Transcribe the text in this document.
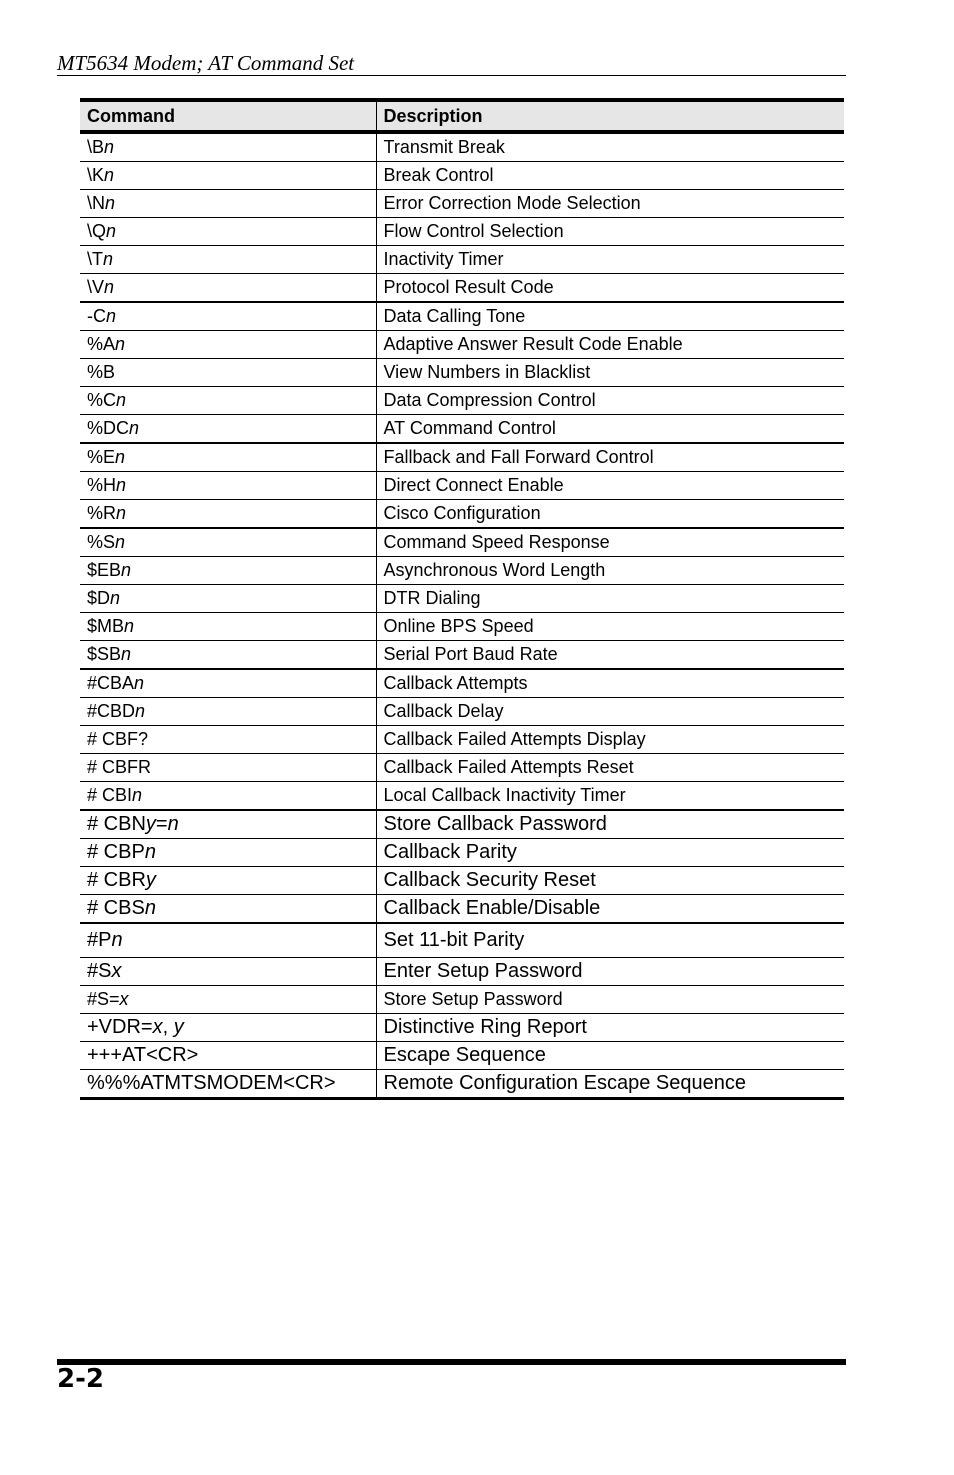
MT5634 Modem; AT Command Set
Command	Description
\Bn	Transmit Break
\Kn	Break Control
\Nn	Error Correction Mode Selection
\Qn	Flow Control Selection
\Tn	Inactivity Timer
\Vn	Protocol Result Code
-Cn	Data Calling Tone
%An	Adaptive Answer Result Code Enable
%B	View Numbers in Blacklist
%Cn	Data Compression Control
%DCn	AT Command Control
%En	Fallback and Fall Forward Control
%Hn	Direct Connect Enable
%Rn	Cisco Configuration
%Sn	Command Speed Response
$EBn	Asynchronous Word Length
$Dn	DTR Dialing
$MBn	Online BPS Speed
$SBn	Serial Port Baud Rate
#CBAn	Callback Attempts
#CBDn	Callback Delay
# CBF?	Callback Failed Attempts Display
# CBFR	Callback Failed Attempts Reset
# CBIn	Local Callback Inactivity Timer
# CBNy=n	Store Callback Password
# CBPn	Callback Parity
# CBRy	Callback Security Reset
# CBSn	Callback Enable/Disable
#Pn	Set 11-bit Parity
#Sx	Enter Setup Password
#S=x	Store Setup Password
+VDR=x, y	Distinctive Ring Report
+++AT<CR>	Escape Sequence
%%%ATMTSMODEM<CR>	Remote Configuration Escape Sequence
2-2
